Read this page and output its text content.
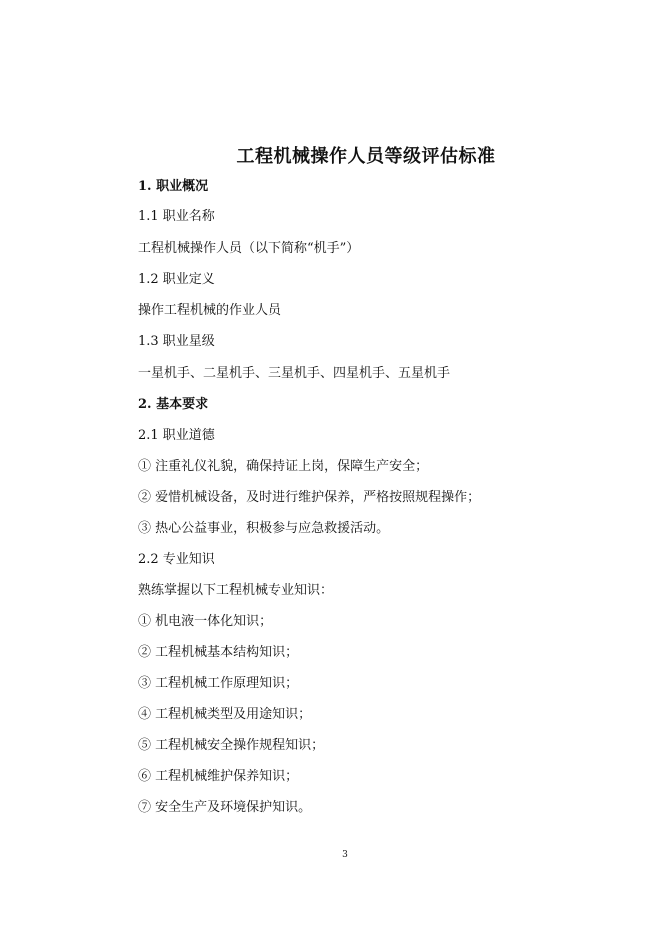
工程机械操作人员等级评估标准
1. 职业概况
1.1 职业名称
工程机械操作人员（以下简称“机手”）
1.2 职业定义
操作工程机械的作业人员
1.3 职业星级
一星机手、二星机手、三星机手、四星机手、五星机手
2. 基本要求
2.1 职业道德
① 注重礼仪礼貌，确保持证上岗，保障生产安全；
② 爱惜机械设备，及时进行维护保养，严格按照规程操作；
③ 热心公益事业，积极参与应急救援活动。
2.2 专业知识
熟练掌握以下工程机械专业知识：
① 机电液一体化知识；
② 工程机械基本结构知识；
③ 工程机械工作原理知识；
④ 工程机械类型及用途知识；
⑤ 工程机械安全操作规程知识；
⑥ 工程机械维护保养知识；
⑦ 安全生产及环境保护知识。
3
